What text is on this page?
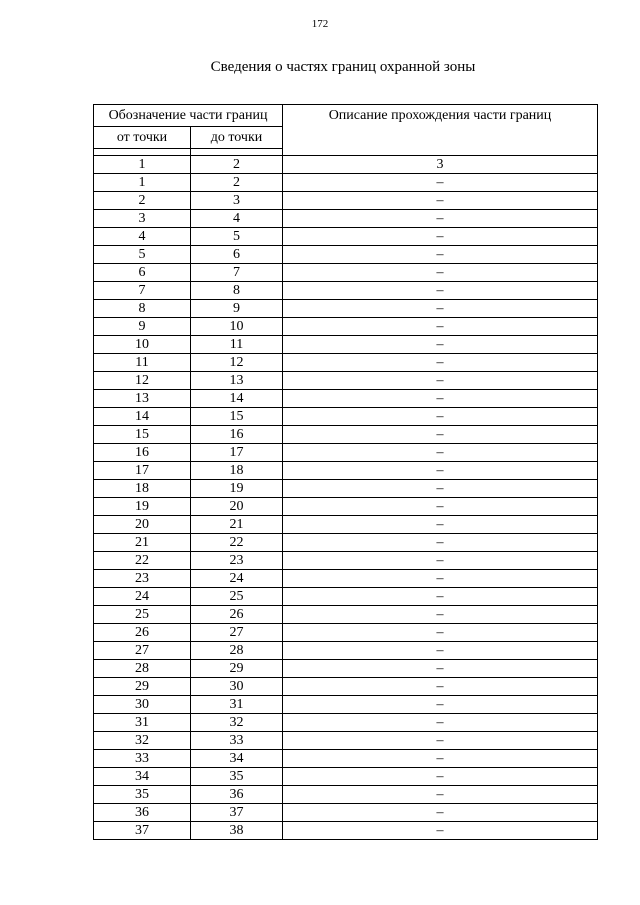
172
Сведения о частях границ охранной зоны
Обозначение части границ		Описание прохождения части границ
от точки	до точки	

1	2	3
1	2	–
2	3	–
3	4	–
4	5	–
5	6	–
6	7	–
7	8	–
8	9	–
9	10	–
10	11	–
11	12	–
12	13	–
13	14	–
14	15	–
15	16	–
16	17	–
17	18	–
18	19	–
19	20	–
20	21	–
21	22	–
22	23	–
23	24	–
24	25	–
25	26	–
26	27	–
27	28	–
28	29	–
29	30	–
30	31	–
31	32	–
32	33	–
33	34	–
34	35	–
35	36	–
36	37	–
37	38	–
